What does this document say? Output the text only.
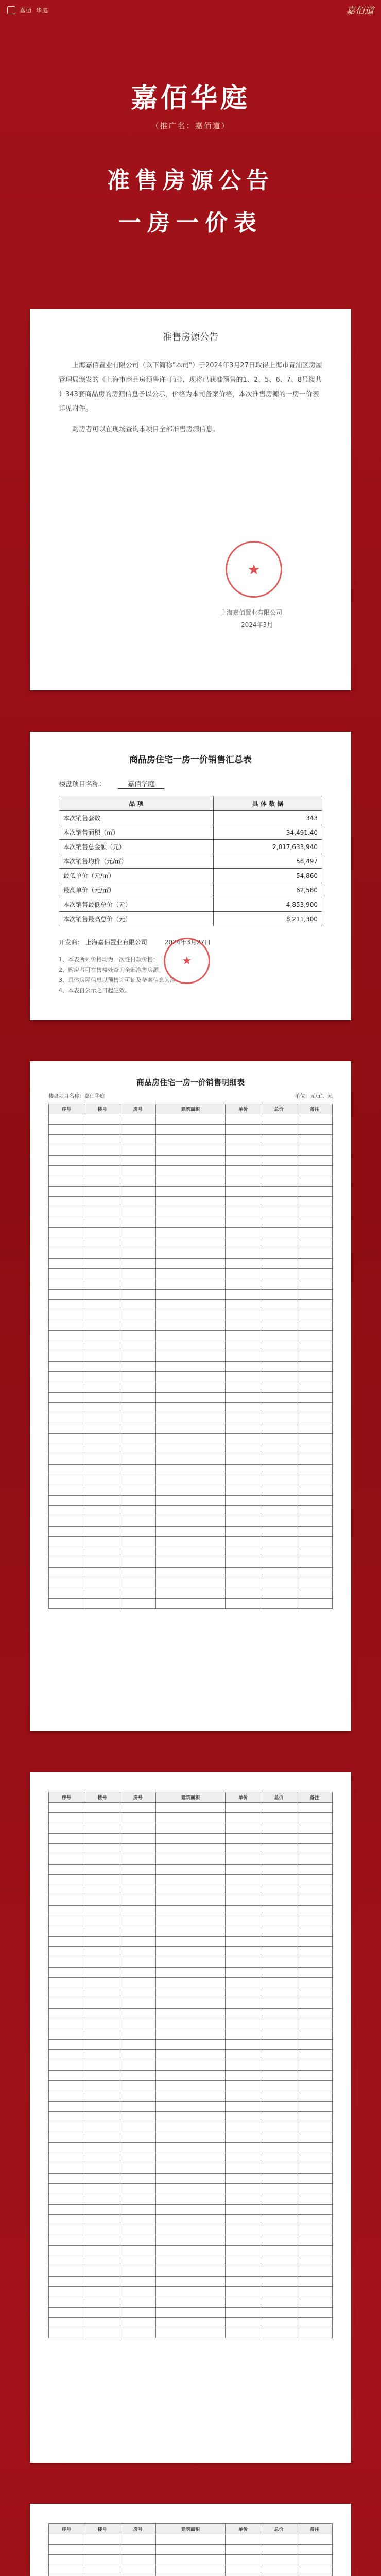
嘉佰 华庭	嘉佰道
嘉佰华庭
（推广名：嘉佰道）
准售房源公告
一房一价表
准售房源公告
上海嘉佰置业有限公司（以下简称"本司"）于2024年3月27日取得上海市青浦区房屋管理局颁发的《上海市商品房预售许可证》，现将已获准预售的1、2、5、6、7、8号楼共计343套商品房的房源信息予以公示，价格为本司备案价格，本次准售房源的一房一价表详见附件。
购房者可以在现场查询本项目全部准售房源信息。
★
上海嘉佰置业有限公司
2024年3月
商品房住宅一房一价销售汇总表
楼盘项目名称：	嘉佰华庭
品 项	具 体 数 据
本次销售套数	343
本次销售面积（㎡）	34,491.40
本次销售总金额（元）	2,017,633,940
本次销售均价（元/㎡）	58,497
最低单价（元/㎡）	54,860
最高单价（元/㎡）	62,580
本次销售最低总价（元）	4,853,900
本次销售最高总价（元）	8,211,300
开发商： 上海嘉佰置业有限公司	2024年3月27日
1、本表所列价格均为一次性付款价格；
2、购房者可在售楼处查询全部准售房源；
3、具体房屋信息以预售许可证及备案信息为准；
4、本表自公示之日起生效。
★
商品房住宅一房一价销售明细表
楼盘项目名称：嘉佰华庭	单位：元/㎡、元
序号	楼号	房号	建筑面积	单价	总价	备注

序号	楼号	房号	建筑面积	单价	总价	备注

序号	楼号	房号	建筑面积	单价	总价	备注
